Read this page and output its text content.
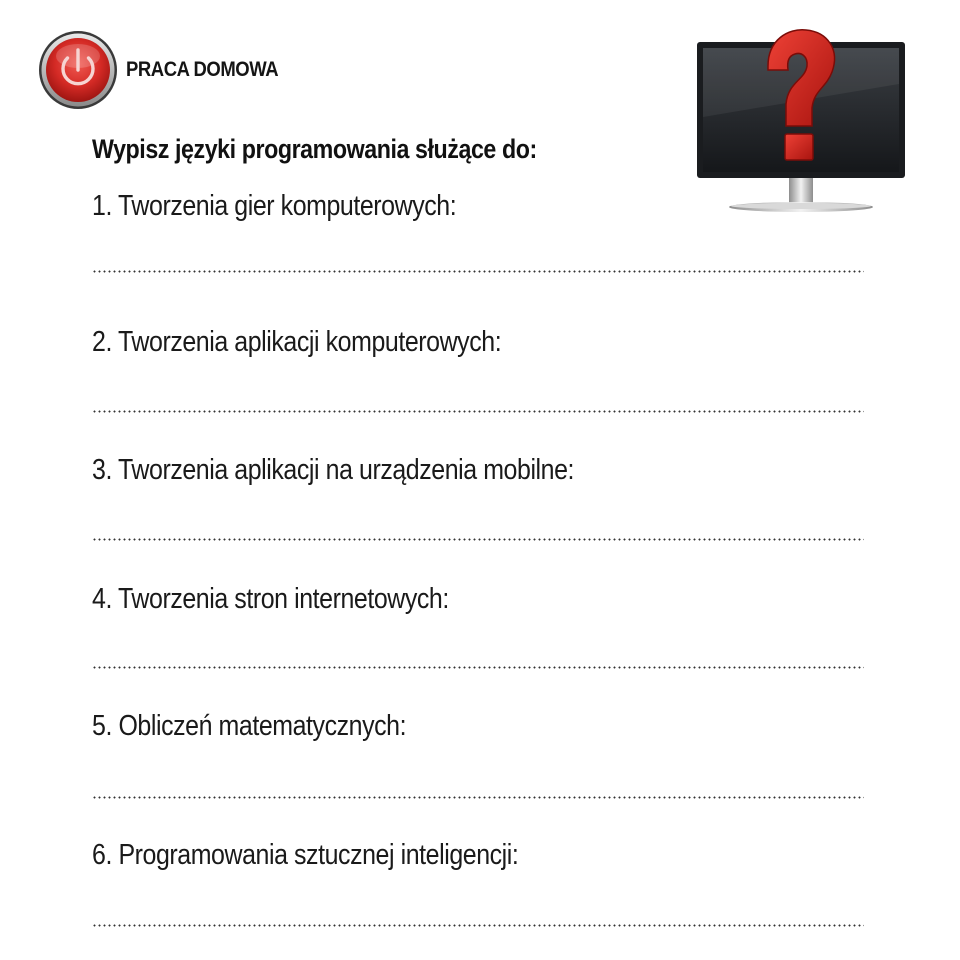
PRACA DOMOWA
Wypisz języki programowania służące do:
1. Tworzenia gier komputerowych:
2. Tworzenia aplikacji komputerowych:
3. Tworzenia aplikacji na urządzenia mobilne:
4. Tworzenia stron internetowych:
5. Obliczeń matematycznych:
6. Programowania sztucznej inteligencji:
